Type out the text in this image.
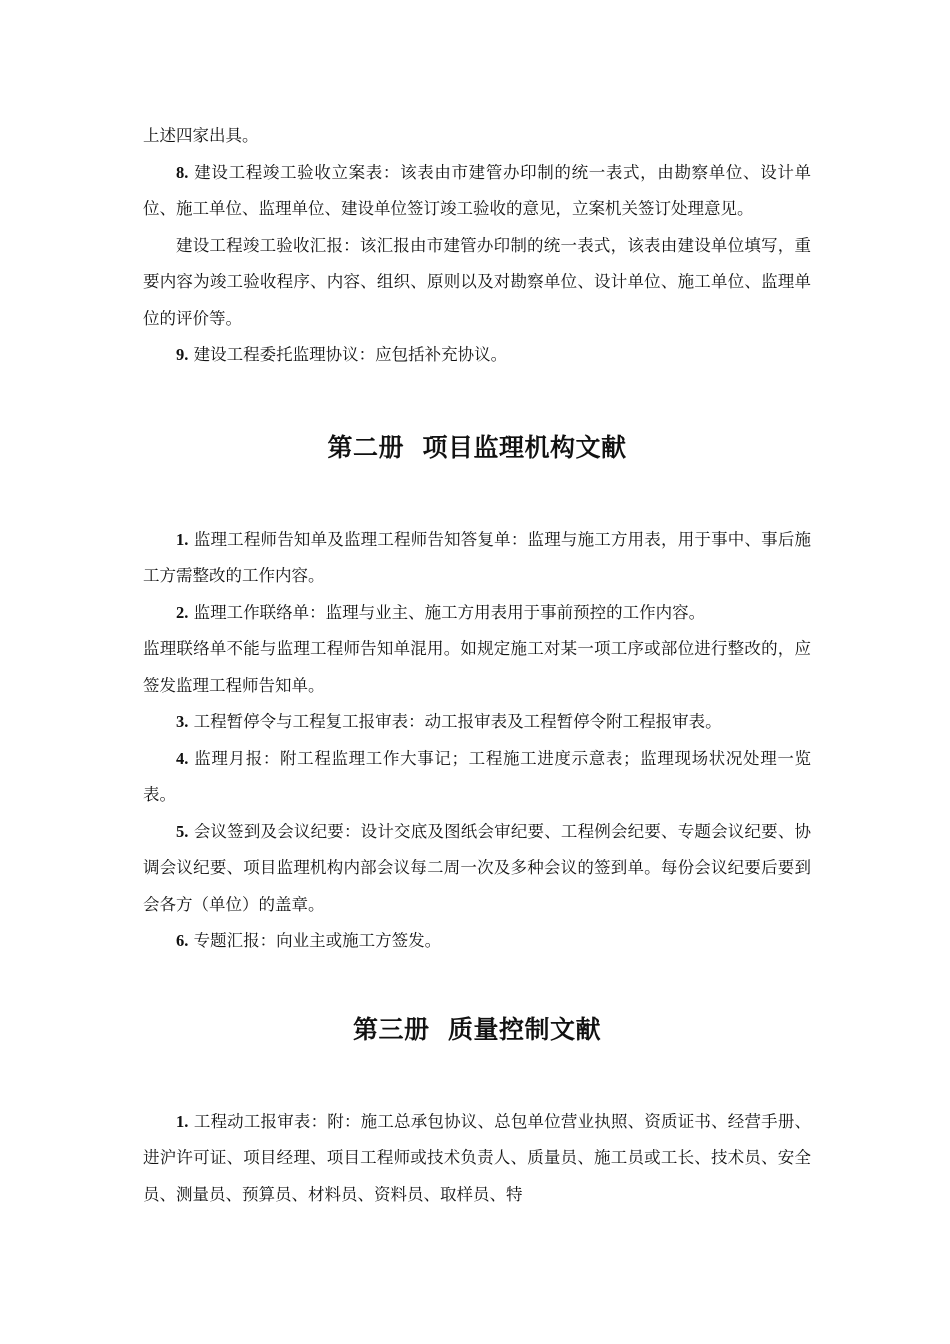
上述四家出具。

8. 建设工程竣工验收立案表：该表由市建管办印制的统一表式，由勘察单位、设计单位、施工单位、监理单位、建设单位签订竣工验收的意见，立案机关签订处理意见。

建设工程竣工验收汇报：该汇报由市建管办印制的统一表式，该表由建设单位填写，重要内容为竣工验收程序、内容、组织、原则以及对勘察单位、设计单位、施工单位、监理单位的评价等。

9. 建设工程委托监理协议：应包括补充协议。

第二册  项目监理机构文献

1. 监理工程师告知单及监理工程师告知答复单：监理与施工方用表，用于事中、事后施工方需整改的工作内容。

2. 监理工作联络单：监理与业主、施工方用表用于事前预控的工作内容。

监理联络单不能与监理工程师告知单混用。如规定施工对某一项工序或部位进行整改的，应签发监理工程师告知单。

3. 工程暂停令与工程复工报审表：动工报审表及工程暂停令附工程报审表。

4. 监理月报：附工程监理工作大事记；工程施工进度示意表；监理现场状况处理一览表。

5. 会议签到及会议纪要：设计交底及图纸会审纪要、工程例会纪要、专题会议纪要、协调会议纪要、项目监理机构内部会议每二周一次及多种会议的签到单。每份会议纪要后要到会各方（单位）的盖章。

6. 专题汇报：向业主或施工方签发。

第三册  质量控制文献

1. 工程动工报审表：附：施工总承包协议、总包单位营业执照、资质证书、经营手册、进沪许可证、项目经理、项目工程师或技术负责人、质量员、施工员或工长、技术员、安全员、测量员、预算员、材料员、资料员、取样员、特
